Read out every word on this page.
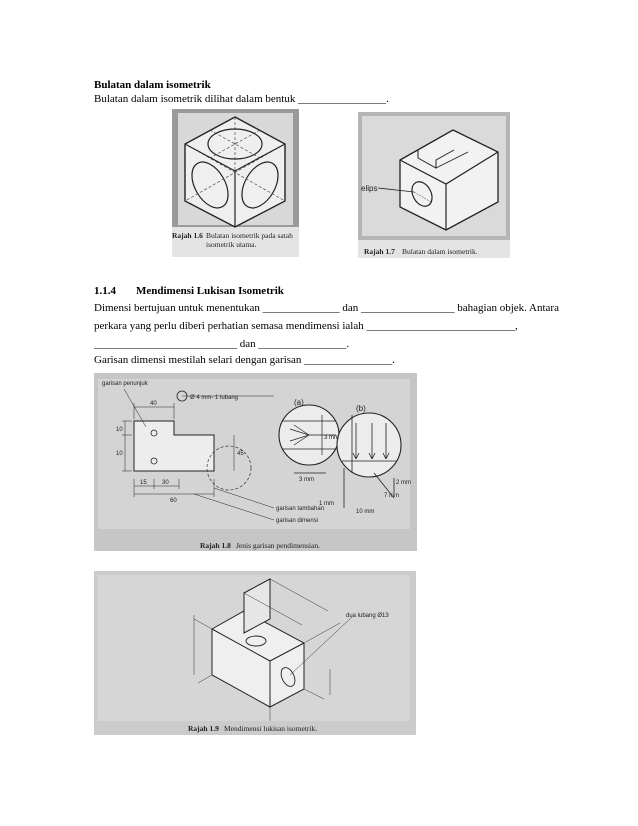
Bulatan dalam isometrik
Bulatan dalam isometrik dilihat dalam bentuk ________________.
Rajah 1.6 Bulatan isometrik pada satah
isometrik utama.
elips
Rajah 1.7 Bulatan dalam isometrik.
1.1.4 Mendimensi Lukisan Isometrik
Dimensi bertujuan untuk menentukan ______________ dan _________________ bahagian objek. Antara
perkara yang perlu diberi perhatian semasa mendimensi ialah ___________________________,
__________________________ dan ________________.
Garisan dimensi mestilah selari dengan garisan ________________.
garisan penunjuk
Ø 4 mm- 1 lubang	(a)
(b)
40
15	30
60
10
10	45
3 mm
3 mm
1 mm
2 mm
7 mm
10 mm
garisan tambahan
garisan dimensi
Rajah 1.8 Jenis garisan pendimensian.
dua lubang Ø13
Rajah 1.9 Mendimensi lukisan isometrik.
